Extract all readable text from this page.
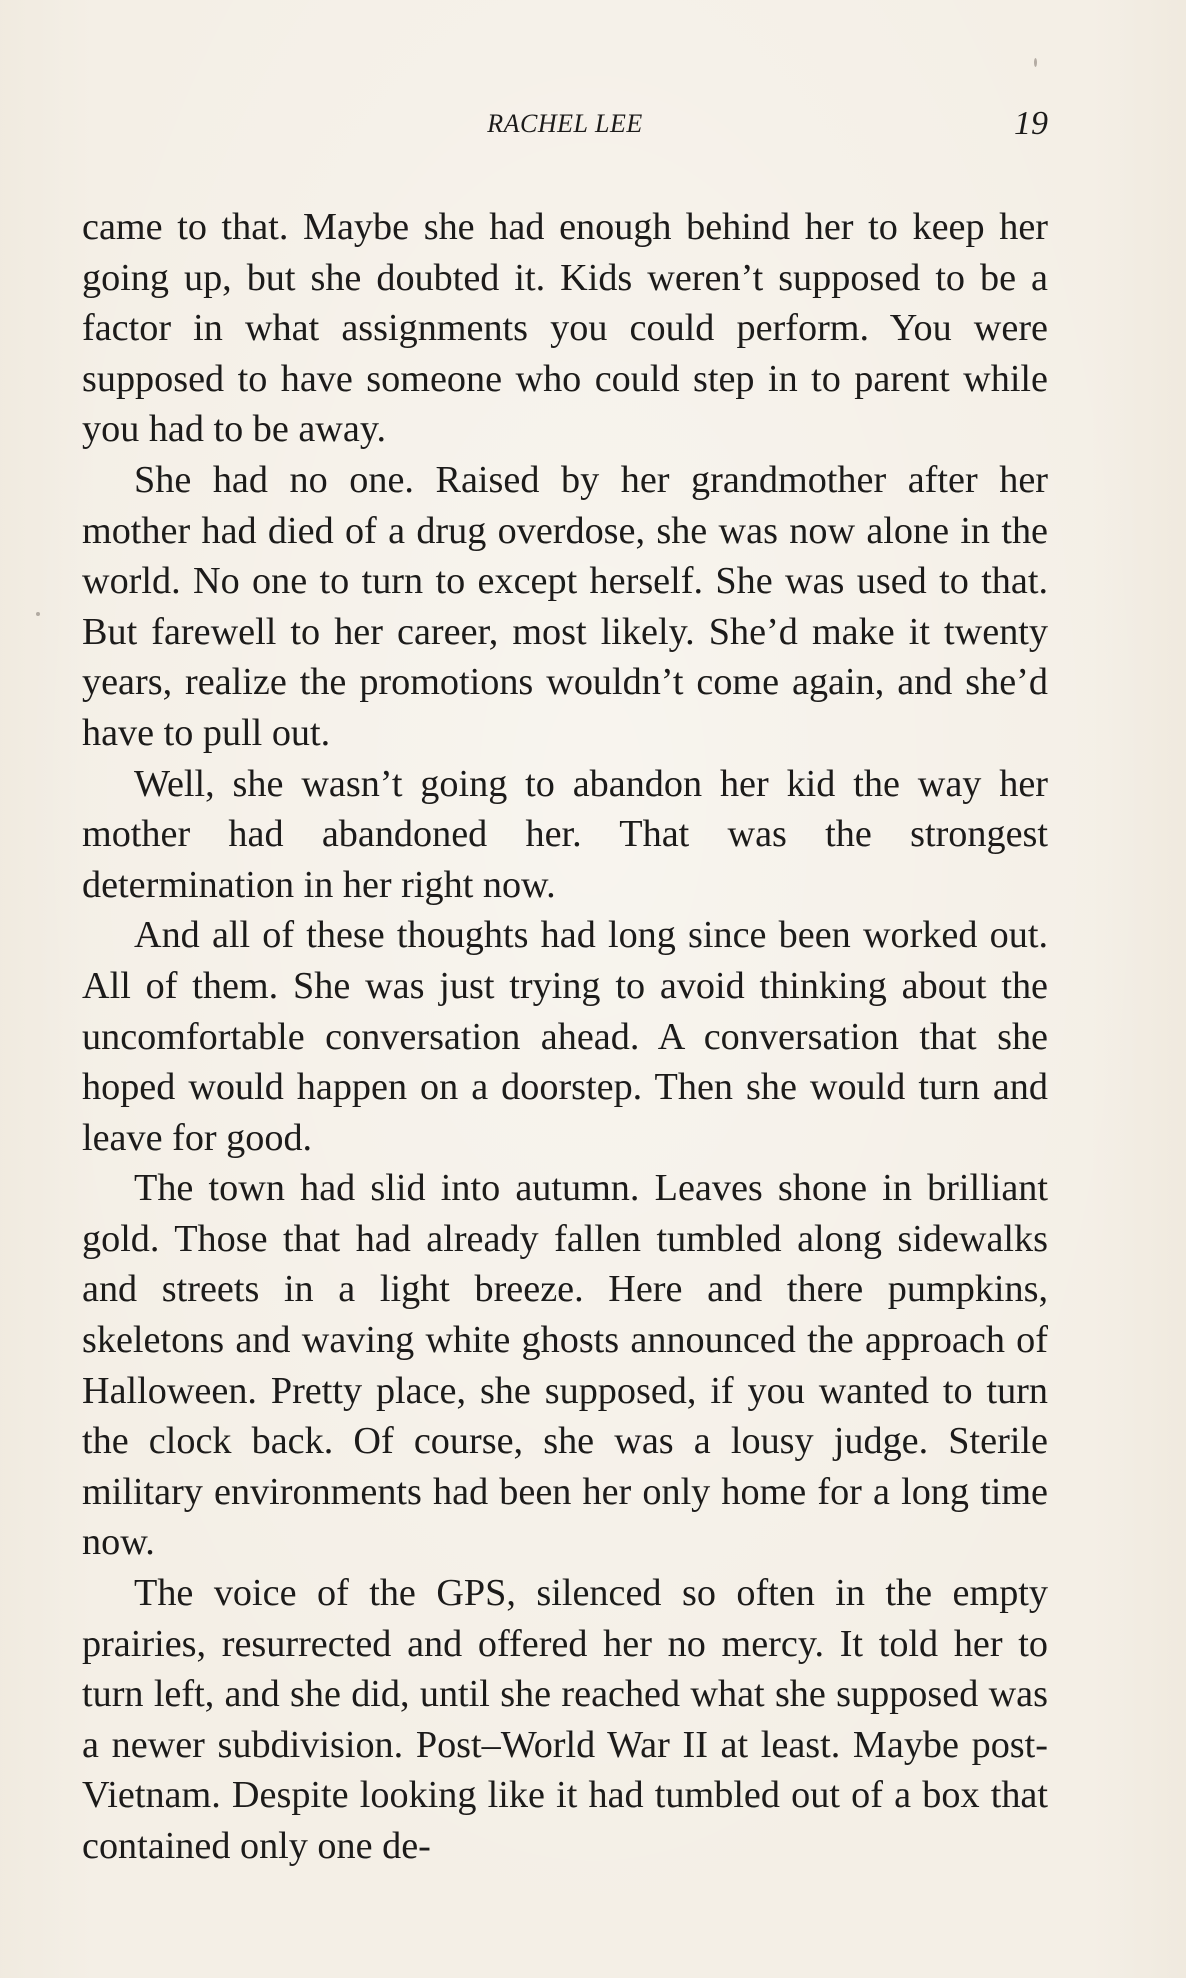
RACHEL LEE	19

came to that. Maybe she had enough behind her to keep her going up, but she doubted it. Kids weren’t supposed to be a factor in what assignments you could perform. You were supposed to have someone who could step in to parent while you had to be away.

She had no one. Raised by her grandmother after her mother had died of a drug overdose, she was now alone in the world. No one to turn to except herself. She was used to that. But farewell to her career, most likely. She’d make it twenty years, realize the promotions wouldn’t come again, and she’d have to pull out.

Well, she wasn’t going to abandon her kid the way her mother had abandoned her. That was the strongest determination in her right now.

And all of these thoughts had long since been worked out. All of them. She was just trying to avoid thinking about the uncomfortable conversation ahead. A conversation that she hoped would happen on a doorstep. Then she would turn and leave for good.

The town had slid into autumn. Leaves shone in brilliant gold. Those that had already fallen tumbled along sidewalks and streets in a light breeze. Here and there pumpkins, skeletons and waving white ghosts announced the approach of Halloween. Pretty place, she supposed, if you wanted to turn the clock back. Of course, she was a lousy judge. Sterile military environments had been her only home for a long time now.

The voice of the GPS, silenced so often in the empty prairies, resurrected and offered her no mercy. It told her to turn left, and she did, until she reached what she supposed was a newer subdivision. Post–World War II at least. Maybe post-Vietnam. Despite looking like it had tumbled out of a box that contained only one de-
